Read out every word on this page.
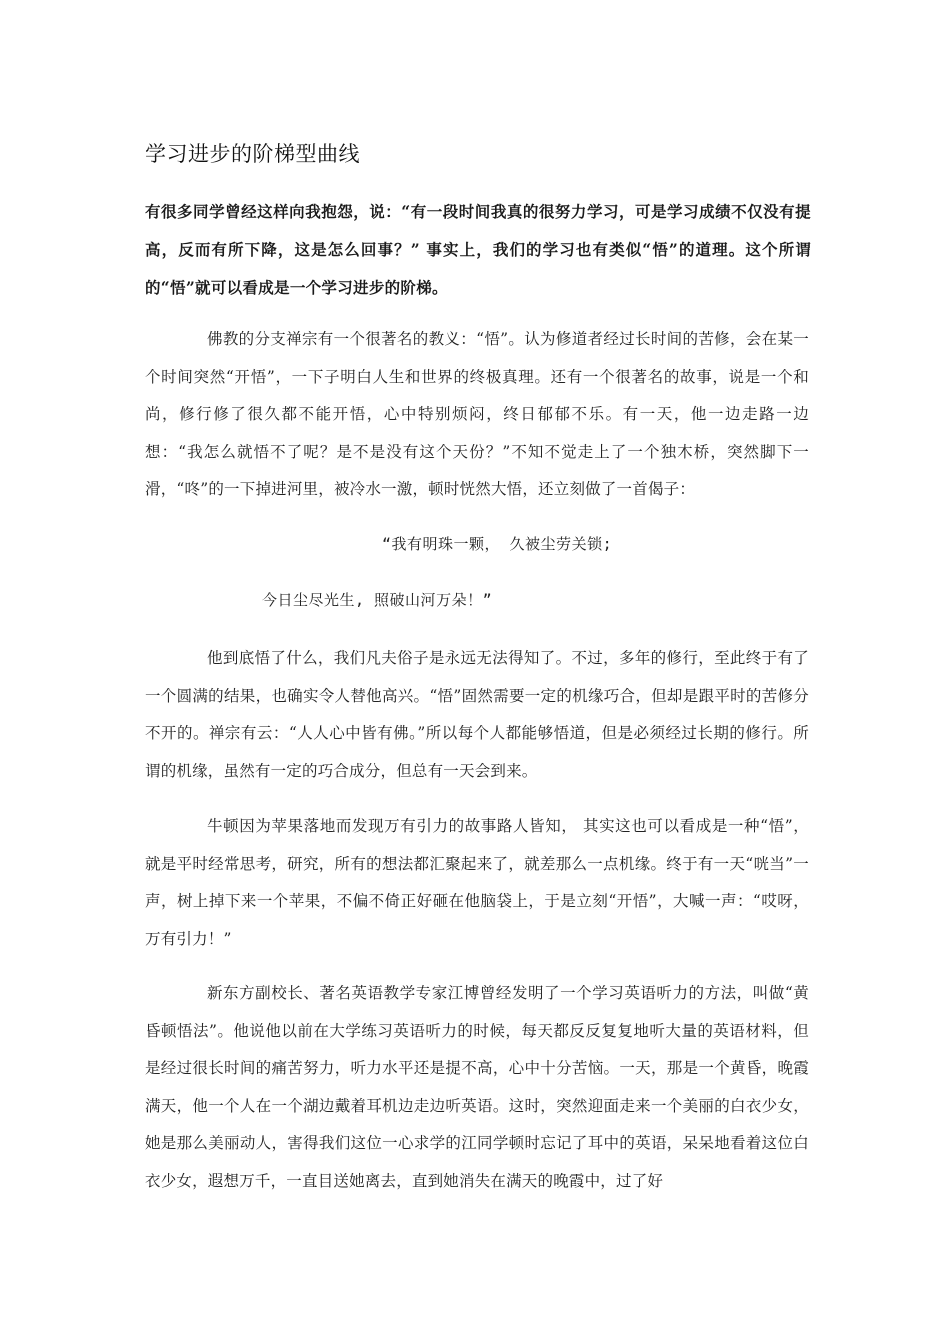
学习进步的阶梯型曲线
有很多同学曾经这样向我抱怨，说：“有一段时间我真的很努力学习，可是学习成绩不仅没有提高，反而有所下降，这是怎么回事？” 事实上，我们的学习也有类似“悟”的道理。这个所谓的“悟”就可以看成是一个学习进步的阶梯。
佛教的分支禅宗有一个很著名的教义：“悟”。认为修道者经过长时间的苦修，会在某一个时间突然“开悟”，一下子明白人生和世界的终极真理。还有一个很著名的故事，说是一个和尚，修行修了很久都不能开悟，心中特别烦闷，终日郁郁不乐。有一天，他一边走路一边想：“我怎么就悟不了呢？是不是没有这个天份？”不知不觉走上了一个独木桥，突然脚下一滑，“咚”的一下掉进河里，被冷水一激，顿时恍然大悟，还立刻做了一首偈子：
“我有明珠一颗， 久被尘劳关锁;
今日尘尽光生, 照破山河万朵！”
他到底悟了什么，我们凡夫俗子是永远无法得知了。不过，多年的修行，至此终于有了一个圆满的结果，也确实令人替他高兴。“悟”固然需要一定的机缘巧合，但却是跟平时的苦修分不开的。禅宗有云：“人人心中皆有佛。”所以每个人都能够悟道，但是必须经过长期的修行。所谓的机缘，虽然有一定的巧合成分，但总有一天会到来。
牛顿因为苹果落地而发现万有引力的故事路人皆知， 其实这也可以看成是一种“悟”，就是平时经常思考，研究，所有的想法都汇聚起来了，就差那么一点机缘。终于有一天“咣当”一声，树上掉下来一个苹果，不偏不倚正好砸在他脑袋上，于是立刻“开悟”，大喊一声：“哎呀，万有引力！”
新东方副校长、著名英语教学专家江博曾经发明了一个学习英语听力的方法，叫做“黄昏顿悟法”。他说他以前在大学练习英语听力的时候，每天都反反复复地听大量的英语材料，但是经过很长时间的痛苦努力，听力水平还是提不高，心中十分苦恼。一天，那是一个黄昏，晚霞满天，他一个人在一个湖边戴着耳机边走边听英语。这时，突然迎面走来一个美丽的白衣少女，她是那么美丽动人，害得我们这位一心求学的江同学顿时忘记了耳中的英语，呆呆地看着这位白衣少女，遐想万千，一直目送她离去，直到她消失在满天的晚霞中，过了好
